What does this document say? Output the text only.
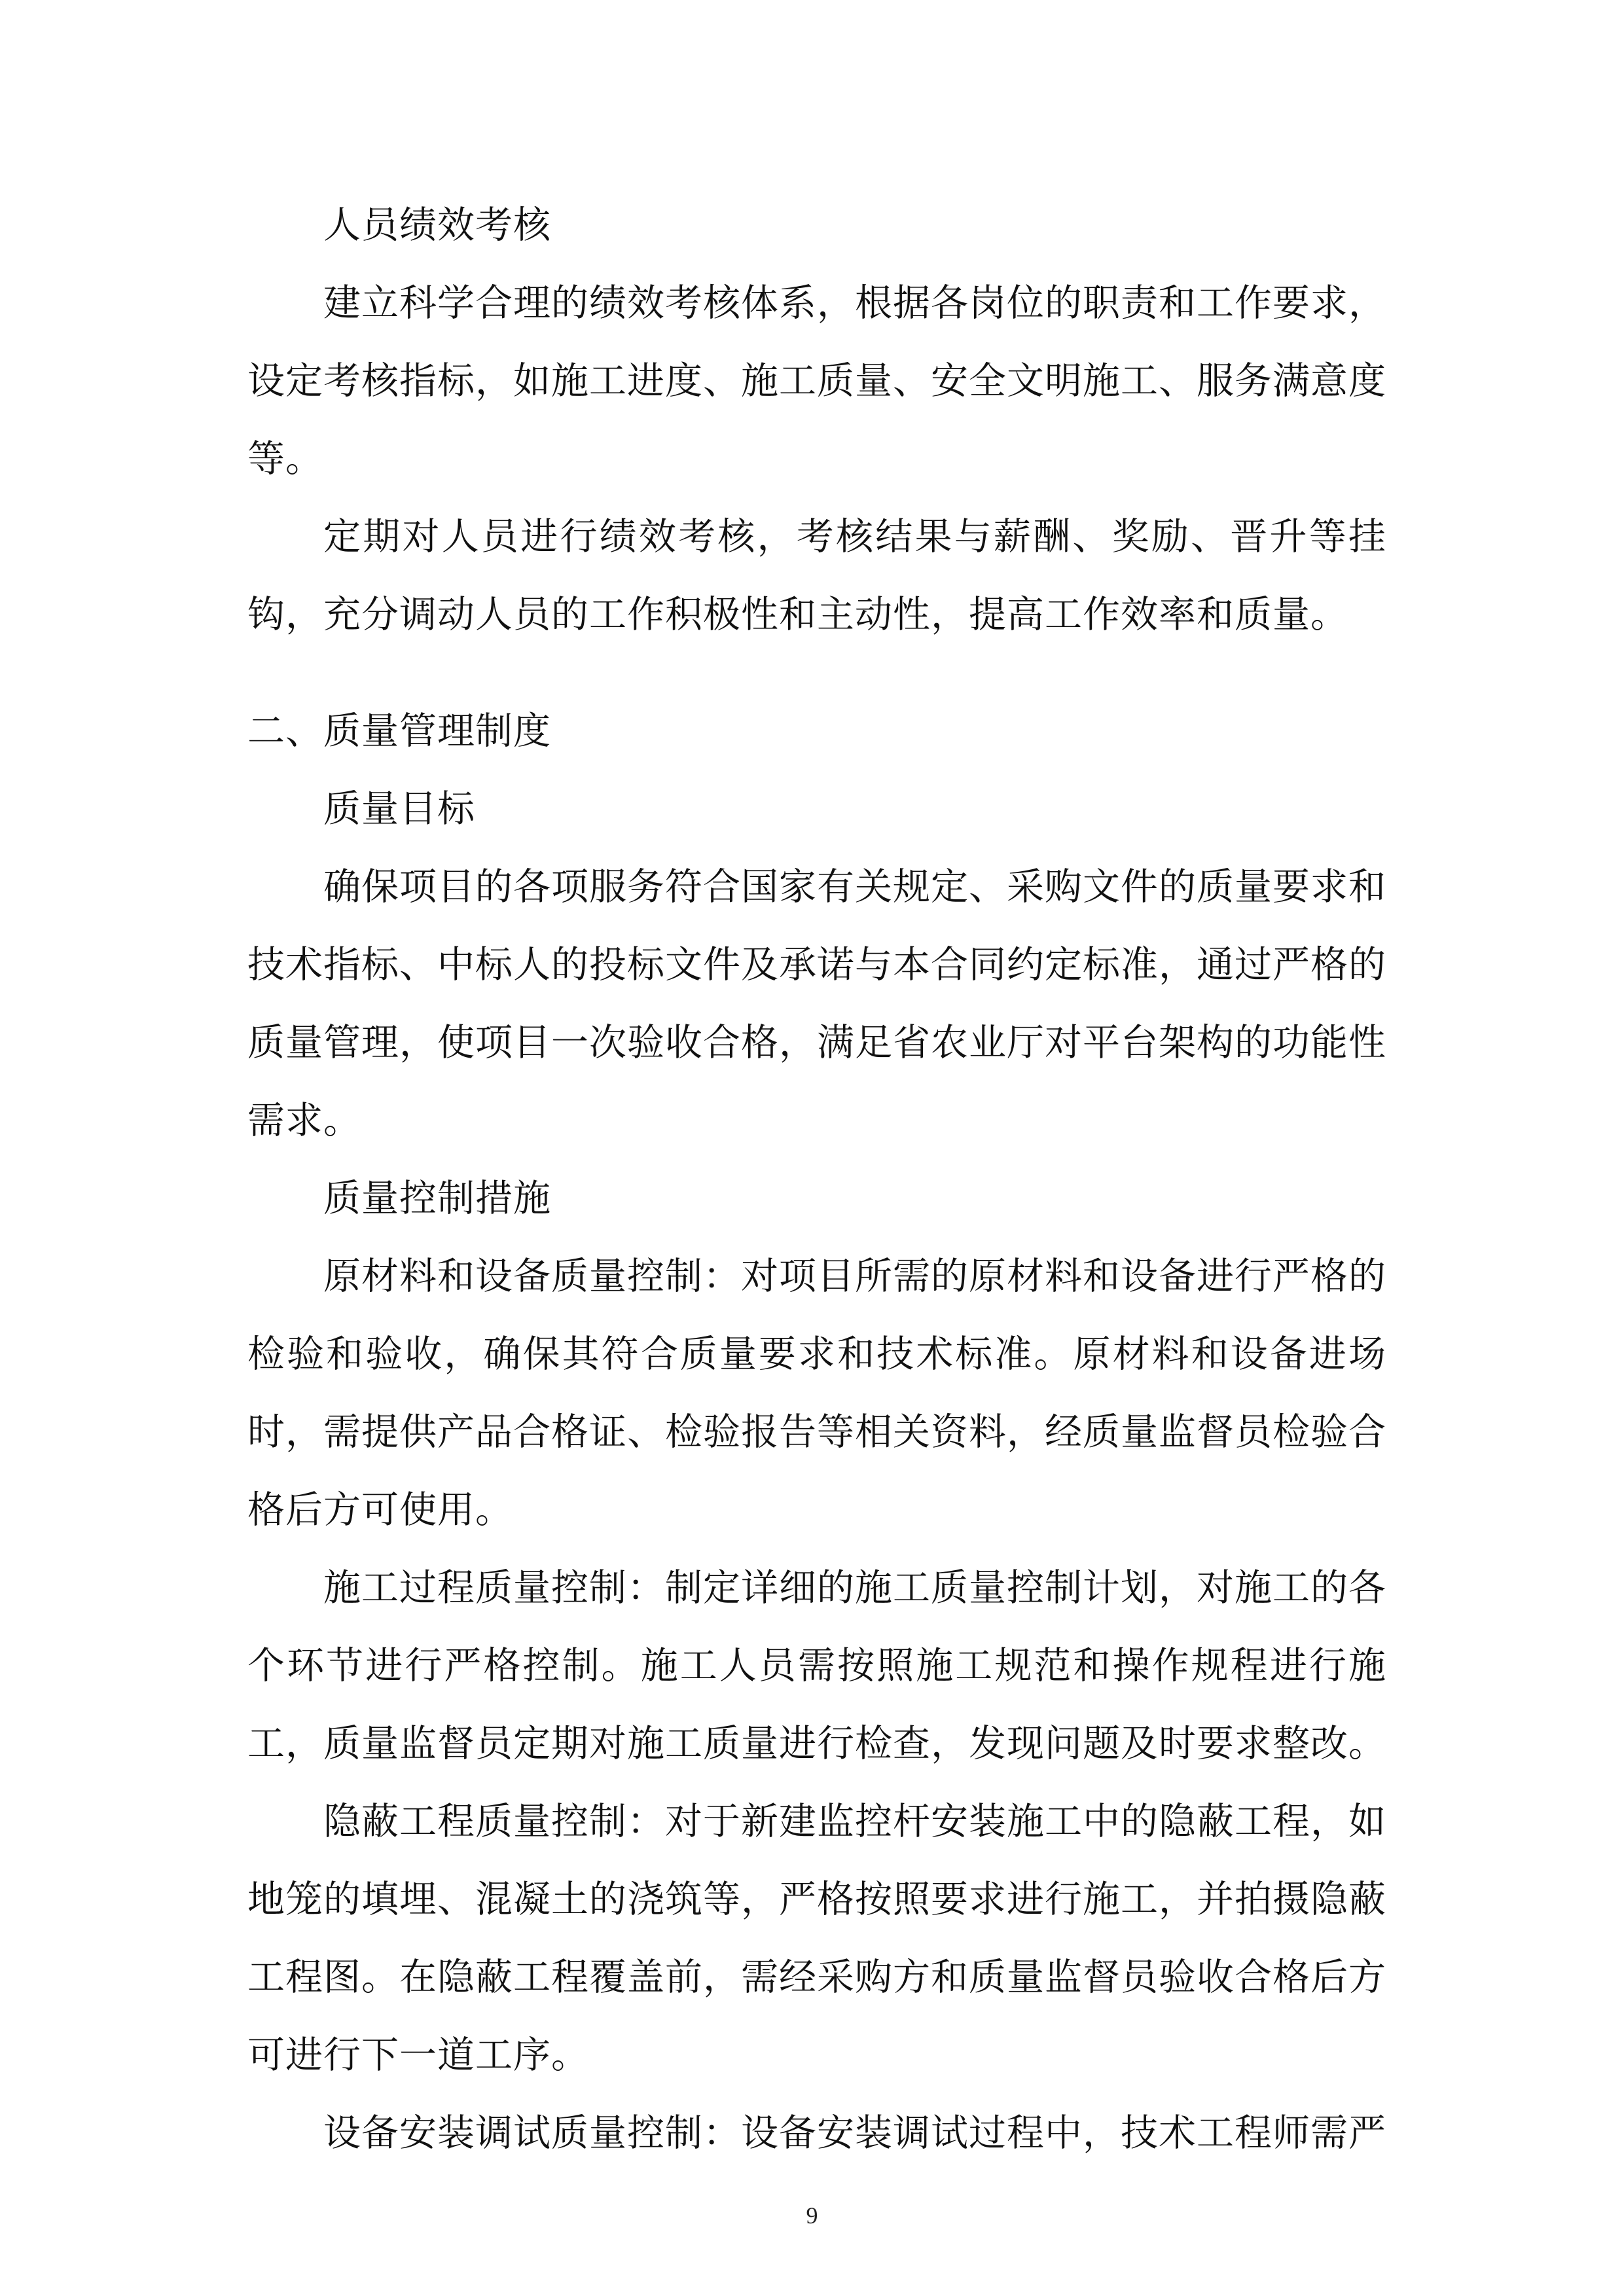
人员绩效考核

建立科学合理的绩效考核体系，根据各岗位的职责和工作要求，设定考核指标，如施工进度、施工质量、安全文明施工、服务满意度等。

定期对人员进行绩效考核，考核结果与薪酬、奖励、晋升等挂钩，充分调动人员的工作积极性和主动性，提高工作效率和质量。

二、质量管理制度

质量目标

确保项目的各项服务符合国家有关规定、采购文件的质量要求和技术指标、中标人的投标文件及承诺与本合同约定标准，通过严格的质量管理，使项目一次验收合格，满足省农业厅对平台架构的功能性需求。

质量控制措施

原材料和设备质量控制：对项目所需的原材料和设备进行严格的检验和验收，确保其符合质量要求和技术标准。原材料和设备进场时，需提供产品合格证、检验报告等相关资料，经质量监督员检验合格后方可使用。

施工过程质量控制：制定详细的施工质量控制计划，对施工的各个环节进行严格控制。施工人员需按照施工规范和操作规程进行施工，质量监督员定期对施工质量进行检查，发现问题及时要求整改。

隐蔽工程质量控制：对于新建监控杆安装施工中的隐蔽工程，如地笼的填埋、混凝土的浇筑等，严格按照要求进行施工，并拍摄隐蔽工程图。在隐蔽工程覆盖前，需经采购方和质量监督员验收合格后方可进行下一道工序。

设备安装调试质量控制：设备安装调试过程中，技术工程师需严

9
